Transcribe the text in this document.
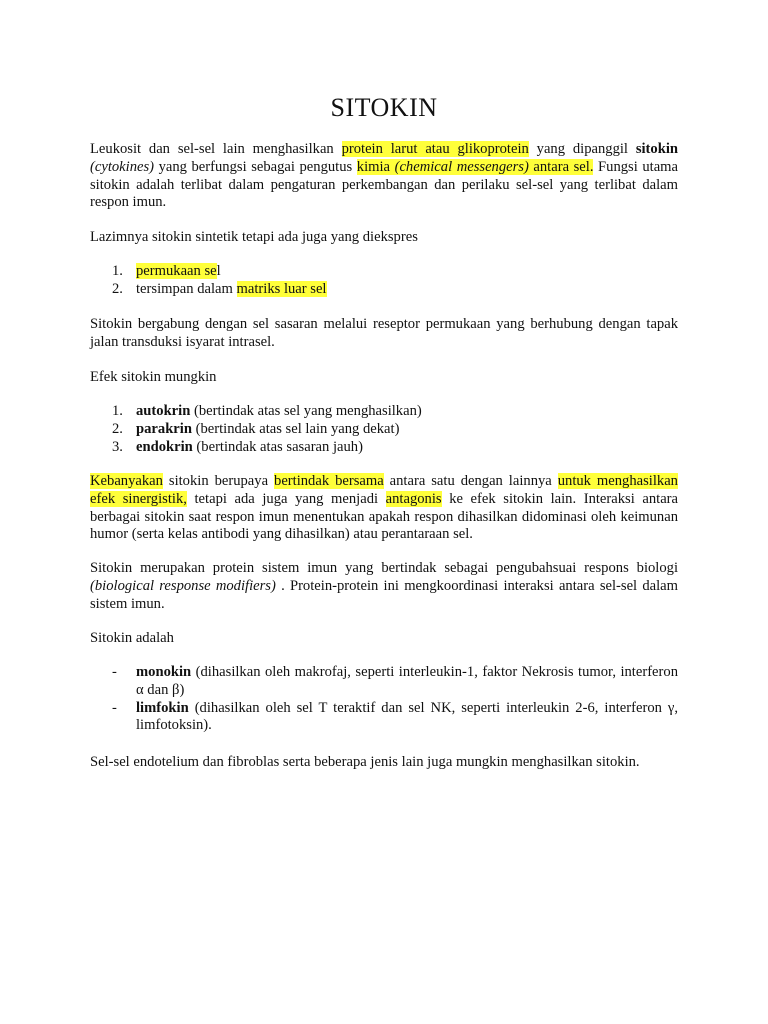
SITOKIN

Leukosit dan sel-sel lain menghasilkan protein larut atau glikoprotein yang dipanggil sitokin (cytokines) yang berfungsi sebagai pengutus kimia (chemical messengers) antara sel. Fungsi utama sitokin adalah terlibat dalam pengaturan perkembangan dan perilaku sel-sel yang terlibat dalam respon imun.

Lazimnya sitokin sintetik tetapi ada juga yang diekspres

1. permukaan sel
2. tersimpan dalam matriks luar sel

Sitokin bergabung dengan sel sasaran melalui reseptor permukaan yang berhubung dengan tapak jalan transduksi isyarat intrasel.

Efek sitokin mungkin

1. autokrin (bertindak atas sel yang menghasilkan)
2. parakrin (bertindak atas sel lain yang dekat)
3. endokrin (bertindak atas sasaran jauh)

Kebanyakan sitokin berupaya bertindak bersama antara satu dengan lainnya untuk menghasilkan efek sinergistik, tetapi ada juga yang menjadi antagonis ke efek sitokin lain. Interaksi antara berbagai sitokin saat respon imun menentukan apakah respon dihasilkan didominasi oleh keimunan humor (serta kelas antibodi yang dihasilkan) atau perantaraan sel.

Sitokin merupakan protein sistem imun yang bertindak sebagai pengubahsuai respons biologi (biological response modifiers) . Protein-protein ini mengkoordinasi interaksi antara sel-sel dalam sistem imun.

Sitokin adalah

- monokin (dihasilkan oleh makrofaj, seperti interleukin-1, faktor Nekrosis tumor, interferon α dan β)
- limfokin (dihasilkan oleh sel T teraktif dan sel NK, seperti interleukin 2-6, interferon γ, limfotoksin).

Sel-sel endotelium dan fibroblas serta beberapa jenis lain juga mungkin menghasilkan sitokin.
